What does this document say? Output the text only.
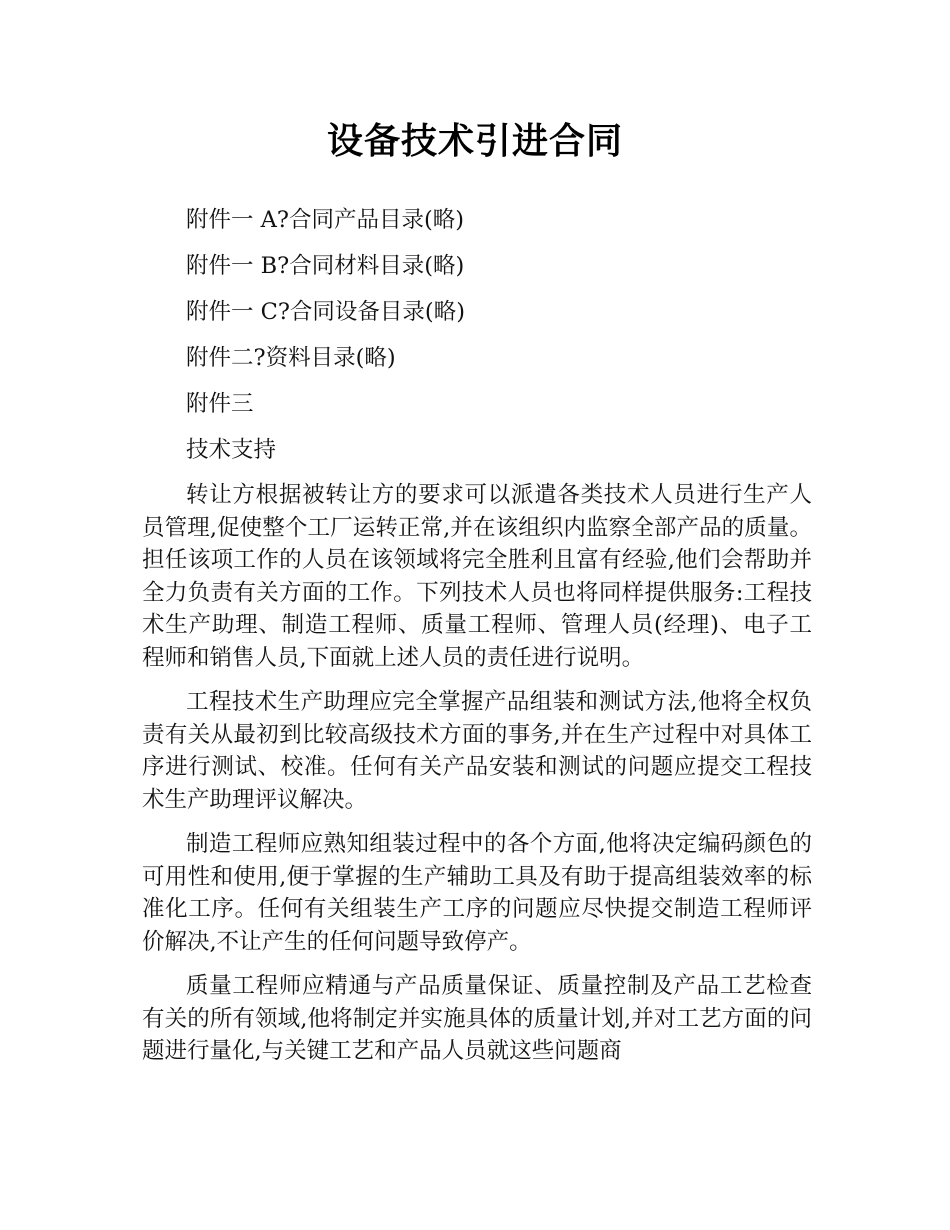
设备技术引进合同

附件一 A?合同产品目录(略)

附件一 B?合同材料目录(略)

附件一 C?合同设备目录(略)

附件二?资料目录(略)

附件三

技术支持

转让方根据被转让方的要求可以派遣各类技术人员进行生产人员管理,促使整个工厂运转正常,并在该组织内监察全部产品的质量。担任该项工作的人员在该领域将完全胜利且富有经验,他们会帮助并全力负责有关方面的工作。下列技术人员也将同样提供服务:工程技术生产助理、制造工程师、质量工程师、管理人员(经理)、电子工程师和销售人员,下面就上述人员的责任进行说明。

工程技术生产助理应完全掌握产品组装和测试方法,他将全权负责有关从最初到比较高级技术方面的事务,并在生产过程中对具体工序进行测试、校准。任何有关产品安装和测试的问题应提交工程技术生产助理评议解决。

制造工程师应熟知组装过程中的各个方面,他将决定编码颜色的可用性和使用,便于掌握的生产辅助工具及有助于提高组装效率的标准化工序。任何有关组装生产工序的问题应尽快提交制造工程师评价解决,不让产生的任何问题导致停产。

质量工程师应精通与产品质量保证、质量控制及产品工艺检查有关的所有领域,他将制定并实施具体的质量计划,并对工艺方面的问题进行量化,与关键工艺和产品人员就这些问题商
